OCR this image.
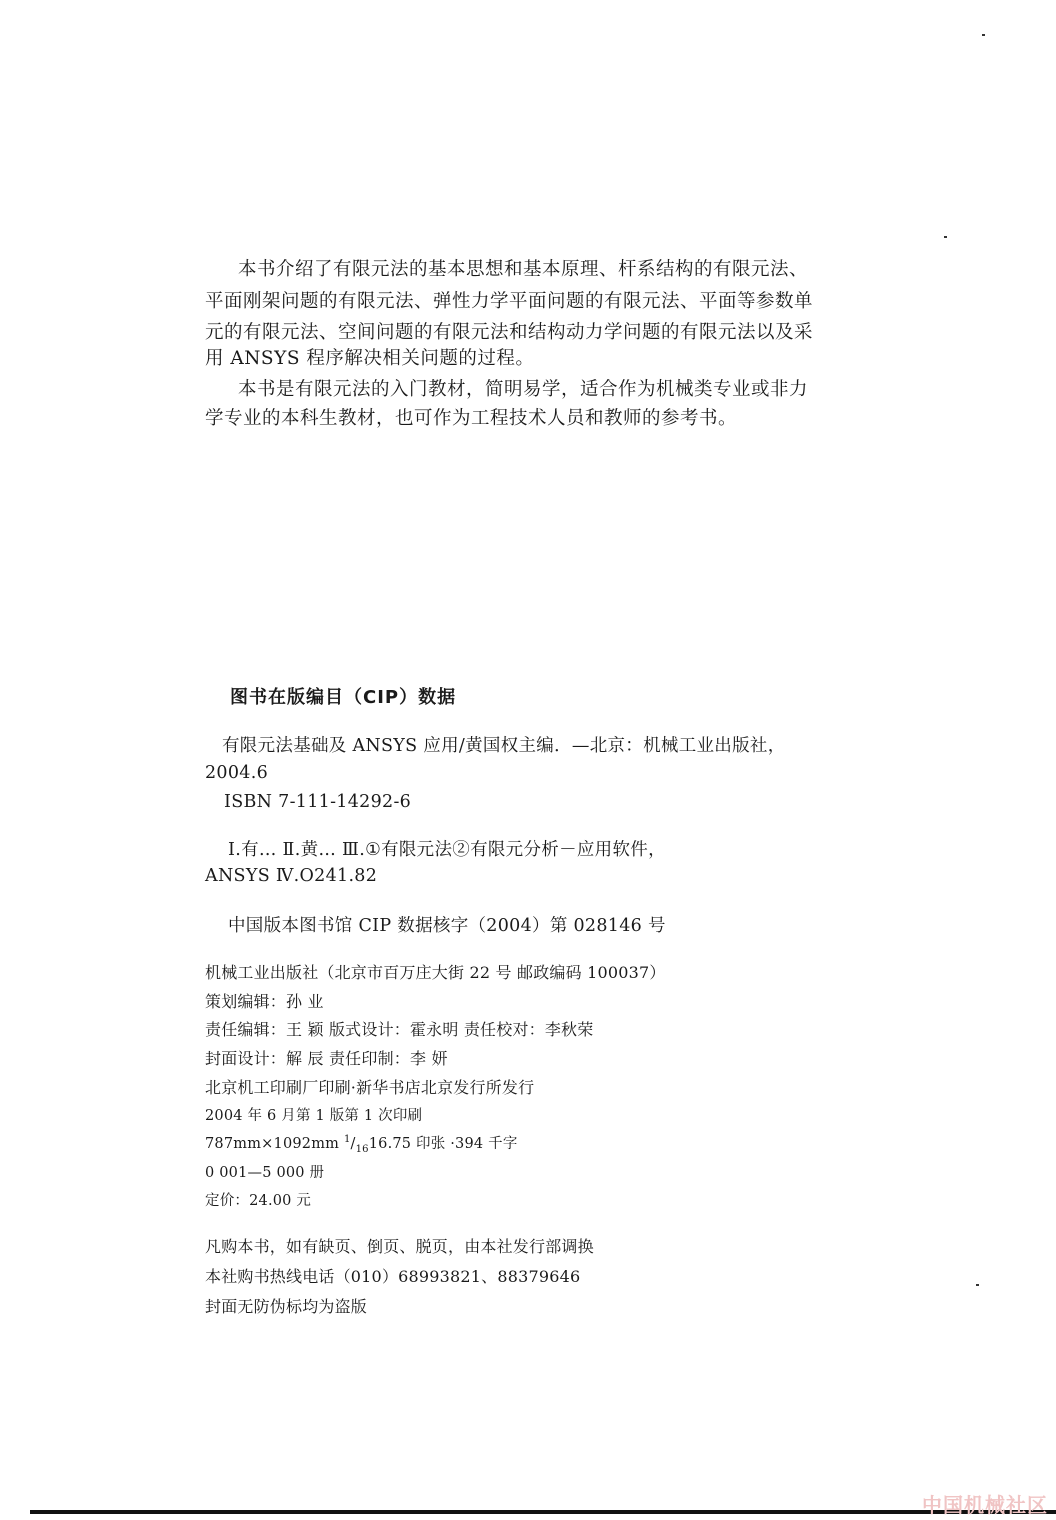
本书介绍了有限元法的基本思想和基本原理、杆系结构的有限元法、
平面刚架问题的有限元法、弹性力学平面问题的有限元法、平面等参数单
元的有限元法、空间问题的有限元法和结构动力学问题的有限元法以及采
用 ANSYS 程序解决相关问题的过程。
本书是有限元法的入门教材，简明易学，适合作为机械类专业或非力
学专业的本科生教材，也可作为工程技术人员和教师的参考书。
图书在版编目（CIP）数据
有限元法基础及 ANSYS 应用/黄国权主编．—北京：机械工业出版社，
2004.6
ISBN 7-111-14292-6
Ⅰ.有… Ⅱ.黄… Ⅲ.①有限元法②有限元分析－应用软件，
ANSYS Ⅳ.O241.82
中国版本图书馆 CIP 数据核字（2004）第 028146 号
机械工业出版社（北京市百万庄大街 22 号 邮政编码 100037）
策划编辑：孙 业
责任编辑：王 颖 版式设计：霍永明 责任校对：李秋荣
封面设计：解 辰 责任印制：李 妍
北京机工印刷厂印刷·新华书店北京发行所发行
2004 年 6 月第 1 版第 1 次印刷
787mm×1092mm $^1/_{16}16.75$ 印张 ·394 千字
0 001—5 000 册
定价：24.00 元
凡购本书，如有缺页、倒页、脱页，由本社发行部调换
本社购书热线电话（010）68993821、88379646
封面无防伪标均为盗版
中国机械社区
